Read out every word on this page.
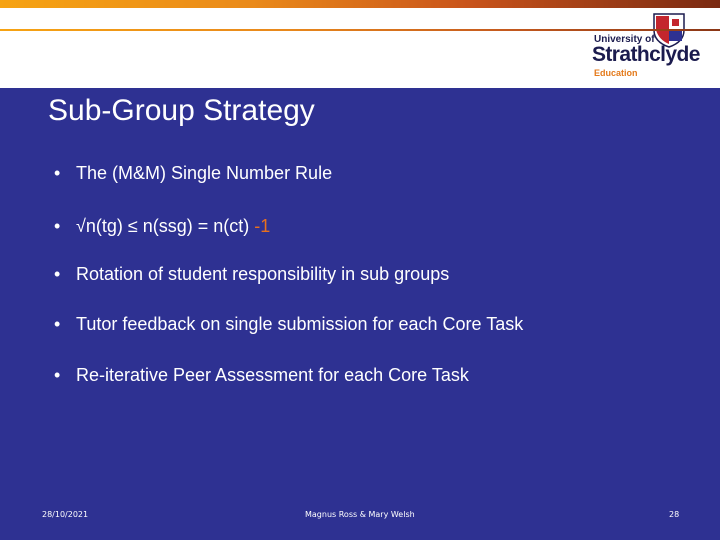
University of
Strathclyde
Education
Sub-Group Strategy
• The (M&M) Single Number Rule
• √n(tg) ≤ n(ssg) = n(ct) -1
• Rotation of student responsibility in sub groups
• Tutor feedback on single submission for each Core Task
• Re-iterative Peer Assessment for each Core Task
28/10/2021	Magnus Ross & Mary Welsh	28
